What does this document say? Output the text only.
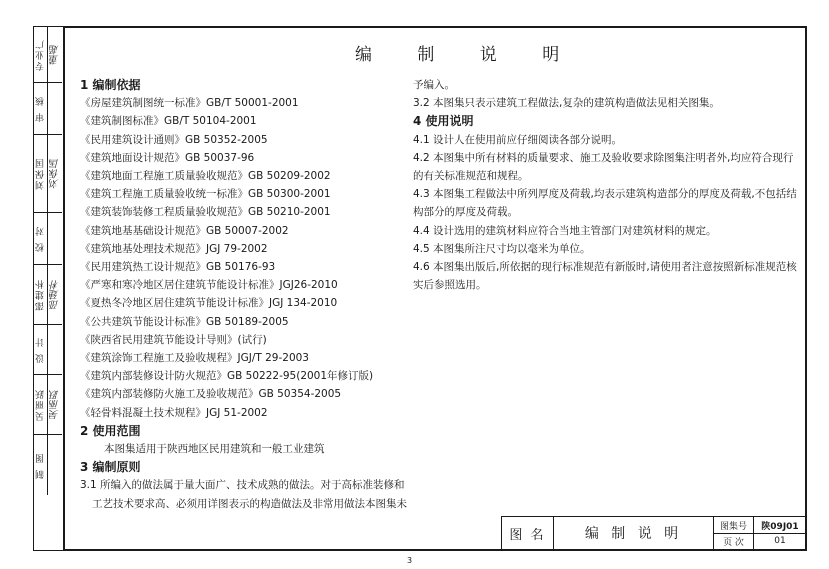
专业广 董超
审 核
刘保国 刘保国
校 对
邵建朴 邵建朴
设 计
吴丽跃 吴丽跃
制 图
编 制 说 明
1 编制依据
《房屋建筑制图统一标准》GB/T 50001-2001
《建筑制图标准》GB/T 50104-2001
《民用建筑设计通则》GB 50352-2005
《建筑地面设计规范》GB 50037-96
《建筑地面工程施工质量验收规范》GB 50209-2002
《建筑工程施工质量验收统一标准》GB 50300-2001
《建筑装饰装修工程质量验收规范》GB 50210-2001
《建筑地基基础设计规范》GB 50007-2002
《建筑地基处理技术规范》JGJ 79-2002
《民用建筑热工设计规范》GB 50176-93
《严寒和寒冷地区居住建筑节能设计标准》JGJ26-2010
《夏热冬冷地区居住建筑节能设计标准》JGJ 134-2010
《公共建筑节能设计标准》GB 50189-2005
《陕西省民用建筑节能设计导则》(试行)
《建筑涂饰工程施工及验收规程》JGJ/T 29-2003
《建筑内部装修设计防火规范》GB 50222-95(2001年修订版)
《建筑内部装修防火施工及验收规范》GB 50354-2005
《轻骨料混凝土技术规程》JGJ 51-2002
2 使用范围
本图集适用于陕西地区民用建筑和一般工业建筑
3 编制原则
3.1 所编入的做法属于量大面广、技术成熟的做法。对于高标准装修和
工艺技术要求高、必须用详图表示的构造做法及非常用做法本图集未
予编入。
3.2 本图集只表示建筑工程做法,复杂的建筑构造做法见相关图集。
4 使用说明
4.1 设计人在使用前应仔细阅读各部分说明。
4.2 本图集中所有材料的质量要求、施工及验收要求除图集注明者外,均应符合现行的有关标准规范和规程。
4.3 本图集工程做法中所列厚度及荷载,均表示建筑构造部分的厚度及荷载,不包括结构部分的厚度及荷载。
4.4 设计选用的建筑材料应符合当地主管部门对建筑材料的规定。
4.5 本图集所注尺寸均以毫米为单位。
4.6 本图集出版后,所依据的现行标准规范有新版时,请使用者注意按照新标准规范核实后参照选用。
图 名	编 制 说 明	图集号
页 次
陕09J01
01
3
